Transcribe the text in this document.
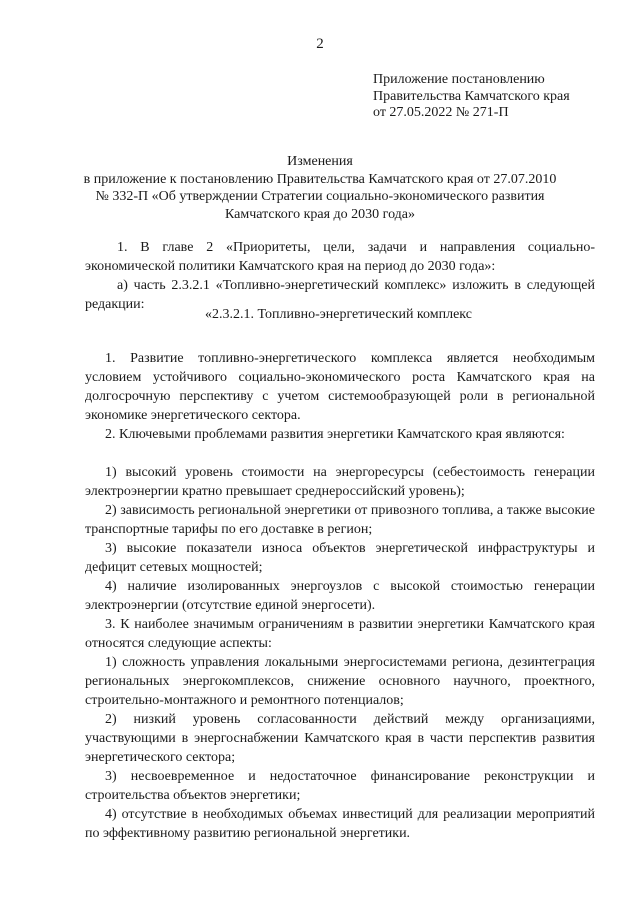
2
Приложение постановлению
Правительства Камчатского края
от 27.05.2022 № 271-П
Изменения
в приложение к постановлению Правительства Камчатского края от 27.07.2010
№ 332-П «Об утверждении Стратегии социально-экономического развития
Камчатского края до 2030 года»
1. В главе 2 «Приоритеты, цели, задачи и направления социально-экономической политики Камчатского края на период до 2030 года»:
а) часть 2.3.2.1 «Топливно-энергетический комплекс» изложить в следующей редакции:
«2.3.2.1. Топливно-энергетический комплекс
1. Развитие топливно-энергетического комплекса является необходимым условием устойчивого социально-экономического роста Камчатского края на долгосрочную перспективу с учетом системообразующей роли в региональной экономике энергетического сектора.
2. Ключевыми проблемами развития энергетики Камчатского края являются:
1) высокий уровень стоимости на энергоресурсы (себестоимость генерации электроэнергии кратно превышает среднероссийский уровень);
2) зависимость региональной энергетики от привозного топлива, а также высокие транспортные тарифы по его доставке в регион;
3) высокие показатели износа объектов энергетической инфраструктуры и дефицит сетевых мощностей;
4) наличие изолированных энергоузлов с высокой стоимостью генерации электроэнергии (отсутствие единой энергосети).
3. К наиболее значимым ограничениям в развитии энергетики Камчатского края относятся следующие аспекты:
1) сложность управления локальными энергосистемами региона, дезинтеграция региональных энергокомплексов, снижение основного научного, проектного, строительно-монтажного и ремонтного потенциалов;
2) низкий уровень согласованности действий между организациями, участвующими в энергоснабжении Камчатского края в части перспектив развития энергетического сектора;
3) несвоевременное и недостаточное финансирование реконструкции и строительства объектов энергетики;
4) отсутствие в необходимых объемах инвестиций для реализации мероприятий по эффективному развитию региональной энергетики.
